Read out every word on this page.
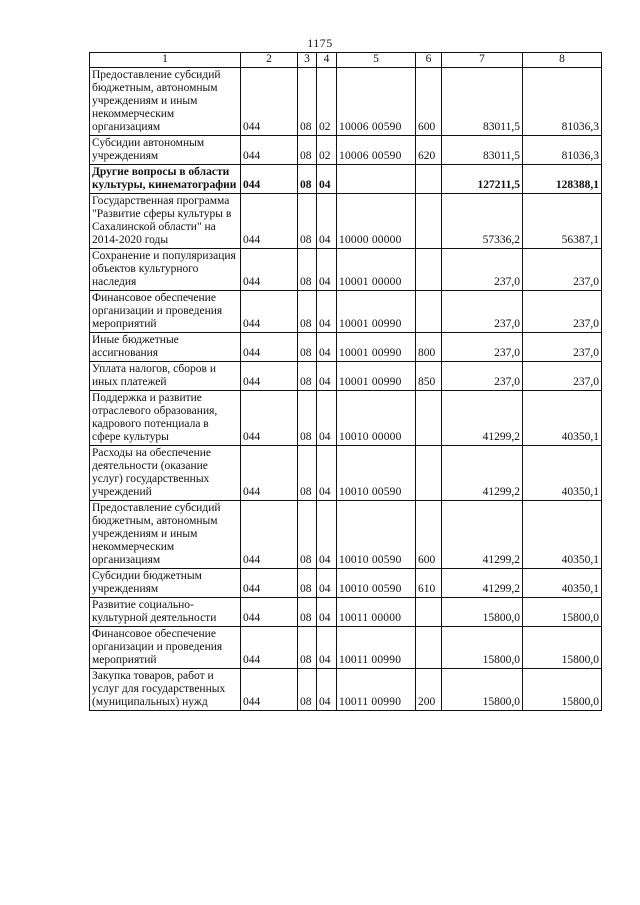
1175
1	2	3	4	5	6	7	8
Предоставление субсидий бюджетным, автономным учреждениям и иным некоммерческим организациям	044	08	02	10006 00590	600	83011,5	81036,3
Субсидии автономным учреждениям	044	08	02	10006 00590	620	83011,5	81036,3
Другие вопросы в области культуры, кинематографии	044	08	04			127211,5	128388,1
Государственная программа "Развитие сферы культуры в Сахалинской области" на 2014-2020 годы	044	08	04	10000 00000		57336,2	56387,1
Сохранение и популяризация объектов культурного наследия	044	08	04	10001 00000		237,0	237,0
Финансовое обеспечение организации и проведения мероприятий	044	08	04	10001 00990		237,0	237,0
Иные бюджетные ассигнования	044	08	04	10001 00990	800	237,0	237,0
Уплата налогов, сборов и иных платежей	044	08	04	10001 00990	850	237,0	237,0
Поддержка и развитие отраслевого образования, кадрового потенциала в сфере культуры	044	08	04	10010 00000		41299,2	40350,1
Расходы на обеспечение деятельности (оказание услуг) государственных учреждений	044	08	04	10010 00590		41299,2	40350,1
Предоставление субсидий бюджетным, автономным учреждениям и иным некоммерческим организациям	044	08	04	10010 00590	600	41299,2	40350,1
Субсидии бюджетным учреждениям	044	08	04	10010 00590	610	41299,2	40350,1
Развитие социально-культурной деятельности	044	08	04	10011 00000		15800,0	15800,0
Финансовое обеспечение организации и проведения мероприятий	044	08	04	10011 00990		15800,0	15800,0
Закупка товаров, работ и услуг для государственных (муниципальных) нужд	044	08	04	10011 00990	200	15800,0	15800,0
